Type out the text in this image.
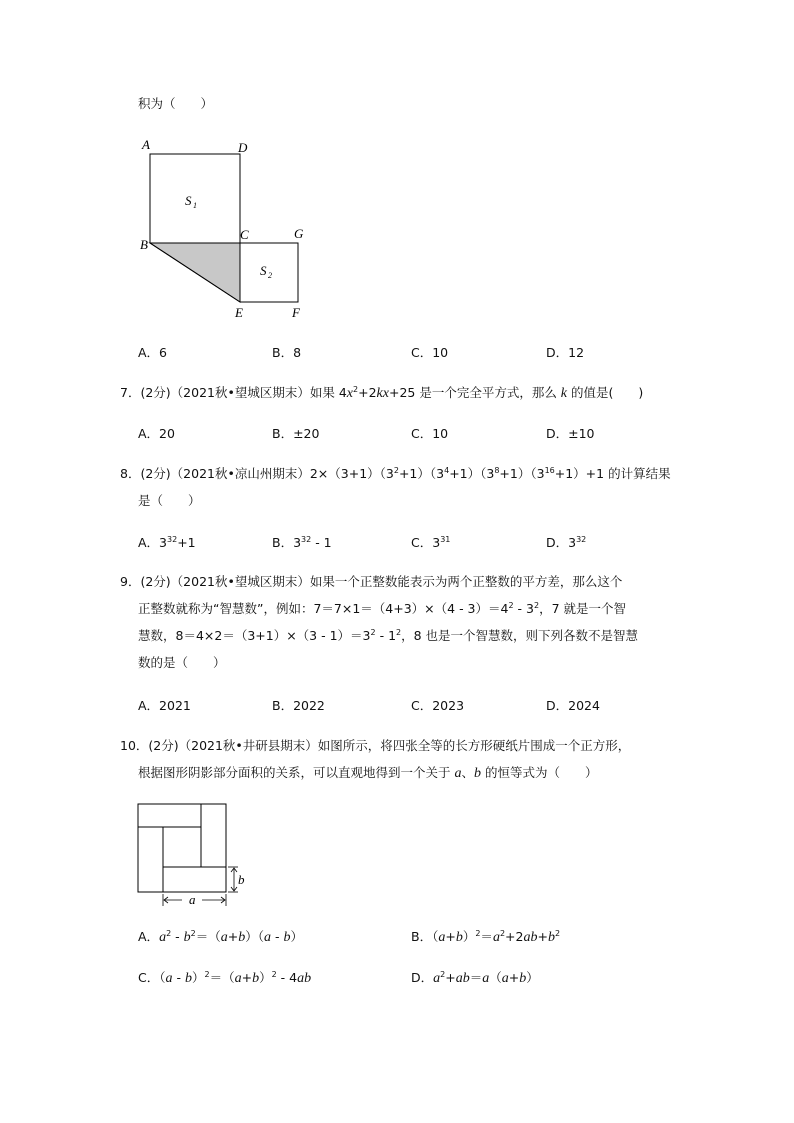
积为（　　）
A	D
B
C	G
E	F
S 1
S 2
A．6	B．8	C．10	D．12
7．(2分)（2021秋•望城区期末）如果 $4x^2+2kx+25$ 是一个完全平方式，那么 k 的值是(　　)
A．20	B．±20	C．10	D．±10
8．(2分)（2021秋•凉山州期末）$2\times(3+1)(3^2+1)(3^4+1)(3^8+1)(3^{16}+1)+1$ 的计算结果
是（　　）
A．$3^{32}+1$	B．$3^{32} - 1$	C．$3^{31}$	D．$3^{32}$
9．(2分)（2021秋•望城区期末）如果一个正整数能表示为两个正整数的平方差，那么这个
正整数就称为“智慧数”，例如：$7=7\times 1=(4+3)\times(4 - 3)=4^2 - 3^2$，7 就是一个智
慧数，$8=4\times 2=(3+1)\times(3 - 1)=3^2 - 1^2$，8 也是一个智慧数，则下列各数不是智慧
数的是（　　）
A．2021	B．2022	C．2023	D．2024
10．(2分)（2021秋•井研县期末）如图所示，将四张全等的长方形硬纸片围成一个正方形，
根据图形阴影部分面积的关系，可以直观地得到一个关于 a、b 的恒等式为（　　）
b
a
A．$a^2 - b^2=(a+b)(a - b)$	B．$(a+b)^2=a^2+2ab+b^2$
C．$(a - b)^2=(a+b)^2 - 4ab$	D．$a^2+ab=a(a+b)$
